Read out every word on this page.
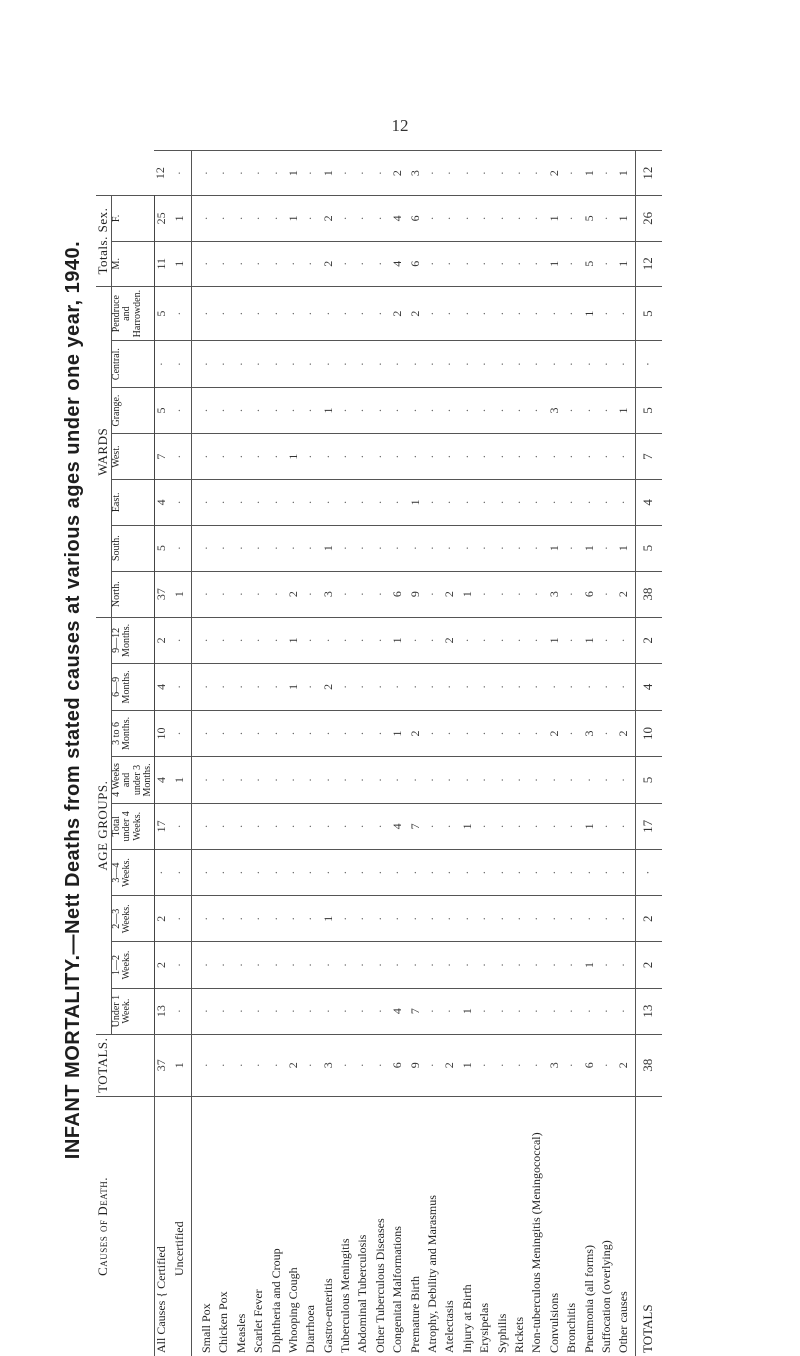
12
INFANT MORTALITY.—Nett Deaths from stated causes at various ages under one year, 1940.
Causes of Death.	TOTALS.	AGE GROUPS.									WARDS							Totals. Sex.		
		Under 1 Week.	1—2 Weeks.	2—3 Weeks.	3—4 Weeks.	Total under 4 Weeks.	4 Weeks and under 3 Months.	3 to 6 Months.	6—9 Months.	9—12 Months.	North.	South.	East.	West.	Grange.	Central.	Pendruce and Harrowden.	M.	F.	
All Causes { Certified	37	13	2	2	·	17	4	10	4	2	37	5	4	7	5	·	5	11	25	12
Uncertified	1	·	·	·	·	·	1	·	·	·	1	·	·	·	·	·	·	1	1	·

Small Pox	·	·	·	·	·	·	·	·	·	·	·	·	·	·	·	·	·	·	·	·
Chicken Pox	·	·	·	·	·	·	·	·	·	·	·	·	·	·	·	·	·	·	·	·
Measles	·	·	·	·	·	·	·	·	·	·	·	·	·	·	·	·	·	·	·	·
Scarlet Fever	·	·	·	·	·	·	·	·	·	·	·	·	·	·	·	·	·	·	·	·
Diphtheria and Croup	·	·	·	·	·	·	·	·	·	·	·	·	·	·	·	·	·	·	·	·
Whooping Cough	2	·	·	·	·	·	·	·	1	1	2	·	·	1	·	·	·	·	1	1
Diarrhoea	·	·	·	·	·	·	·	·	·	·	·	·	·	·	·	·	·	·	·	·
Gastro-enteritis	3	·	·	1	·	·	·	·	2	·	3	1	·	·	1	·	·	2	2	1
Tuberculous Meningitis	·	·	·	·	·	·	·	·	·	·	·	·	·	·	·	·	·	·	·	·
Abdominal Tuberculosis	·	·	·	·	·	·	·	·	·	·	·	·	·	·	·	·	·	·	·	·
Other Tuberculous Diseases	·	·	·	·	·	·	·	·	·	·	·	·	·	·	·	·	·	·	·	·
Congenital Malformations	6	4	·	·	·	4	·	1	·	1	6	·	·	·	·	·	2	4	4	2
Premature Birth	9	7	·	·	·	7	·	2	·	·	9	·	1	·	·	·	2	6	6	3
Atrophy, Debility and Marasmus	·	·	·	·	·	·	·	·	·	·	·	·	·	·	·	·	·	·	·	·
Atelectasis	2	·	·	·	·	·	·	·	·	2	2	·	·	·	·	·	·	·	·	·
Injury at Birth	1	1	·	·	·	1	·	·	·	·	1	·	·	·	·	·	·	·	·	·
Erysipelas	·	·	·	·	·	·	·	·	·	·	·	·	·	·	·	·	·	·	·	·
Syphilis	·	·	·	·	·	·	·	·	·	·	·	·	·	·	·	·	·	·	·	·
Rickets	·	·	·	·	·	·	·	·	·	·	·	·	·	·	·	·	·	·	·	·
Non-tuberculous Meningitis (Meningococcal)	·	·	·	·	·	·	·	·	·	·	·	·	·	·	·	·	·	·	·	·
Convulsions	3	·	·	·	·	·	·	2	·	1	3	1	·	·	3	·	·	1	1	2
Bronchitis	·	·	·	·	·	·	·	·	·	·	·	·	·	·	·	·	·	·	·	·
Pneumonia (all forms)	6	·	1	·	·	1	·	3	·	1	6	1	·	·	·	·	1	5	5	1
Suffocation (overlying)	·	·	·	·	·	·	·	·	·	·	·	·	·	·	·	·	·	·	·	·
Other causes	2	·	·	·	·	·	·	2	·	·	2	1	·	·	1	·	·	1	1	1
TOTALS	38	13	2	2	·	17	5	10	4	2	38	5	4	7	5	·	5	12	26	12
